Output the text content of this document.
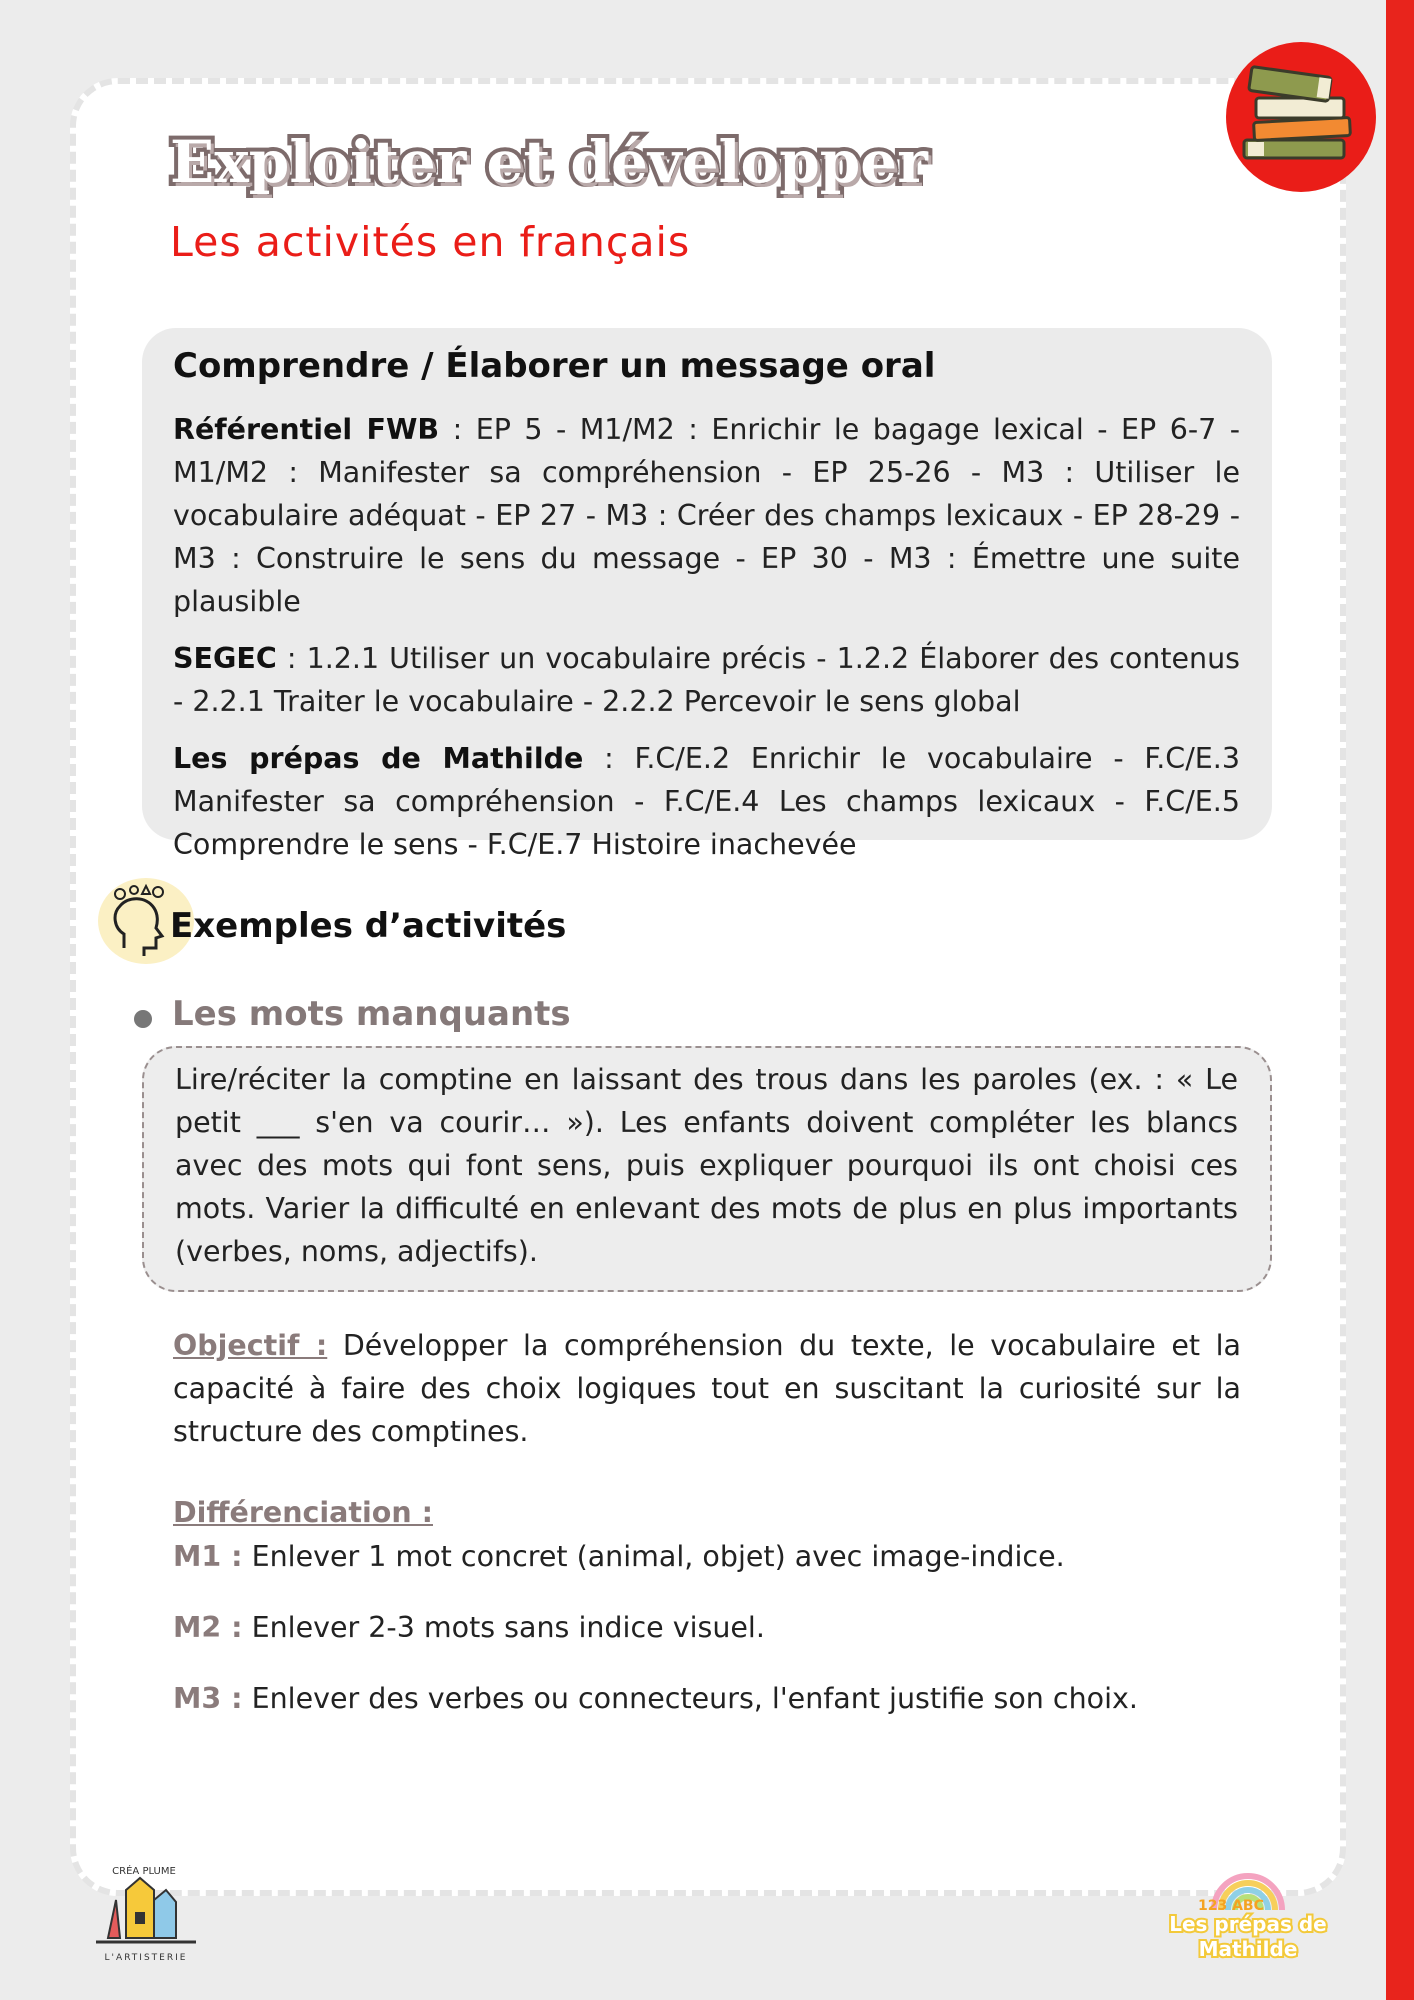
Exploiter et développer
Les activités en français

Comprendre / Élaborer un message oral

Référentiel FWB : EP 5 - M1/M2 : Enrichir le bagage lexical - EP 6-7 - M1/M2 : Manifester sa compréhension - EP 25-26 - M3 : Utiliser le vocabulaire adéquat - EP 27 - M3 : Créer des champs lexicaux - EP 28-29 - M3 : Construire le sens du message - EP 30 - M3 : Émettre une suite plausible

SEGEC : 1.2.1 Utiliser un vocabulaire précis - 1.2.2 Élaborer des contenus - 2.2.1 Traiter le vocabulaire - 2.2.2 Percevoir le sens global

Les prépas de Mathilde : F.C/E.2 Enrichir le vocabulaire - F.C/E.3 Manifester sa compréhension - F.C/E.4 Les champs lexicaux - F.C/E.5 Comprendre le sens - F.C/E.7 Histoire inachevée

Exemples d’activités
Les mots manquants
Lire/réciter la comptine en laissant des trous dans les paroles (ex. : « Le petit ___ s'en va courir… »). Les enfants doivent compléter les blancs avec des mots qui font sens, puis expliquer pourquoi ils ont choisi ces mots. Varier la difficulté en enlevant des mots de plus en plus importants (verbes, noms, adjectifs).
Objectif : Développer la compréhension du texte, le vocabulaire et la capacité à faire des choix logiques tout en suscitant la curiosité sur la structure des comptines.
Différenciation :
M1 : Enlever 1 mot concret (animal, objet) avec image-indice.
M2 : Enlever 2-3 mots sans indice visuel.
M3 : Enlever des verbes ou connecteurs, l'enfant justifie son choix.
CRÉA PLUME
L'ARTISTERIE
123 ABC
Les prépas de
Mathilde
